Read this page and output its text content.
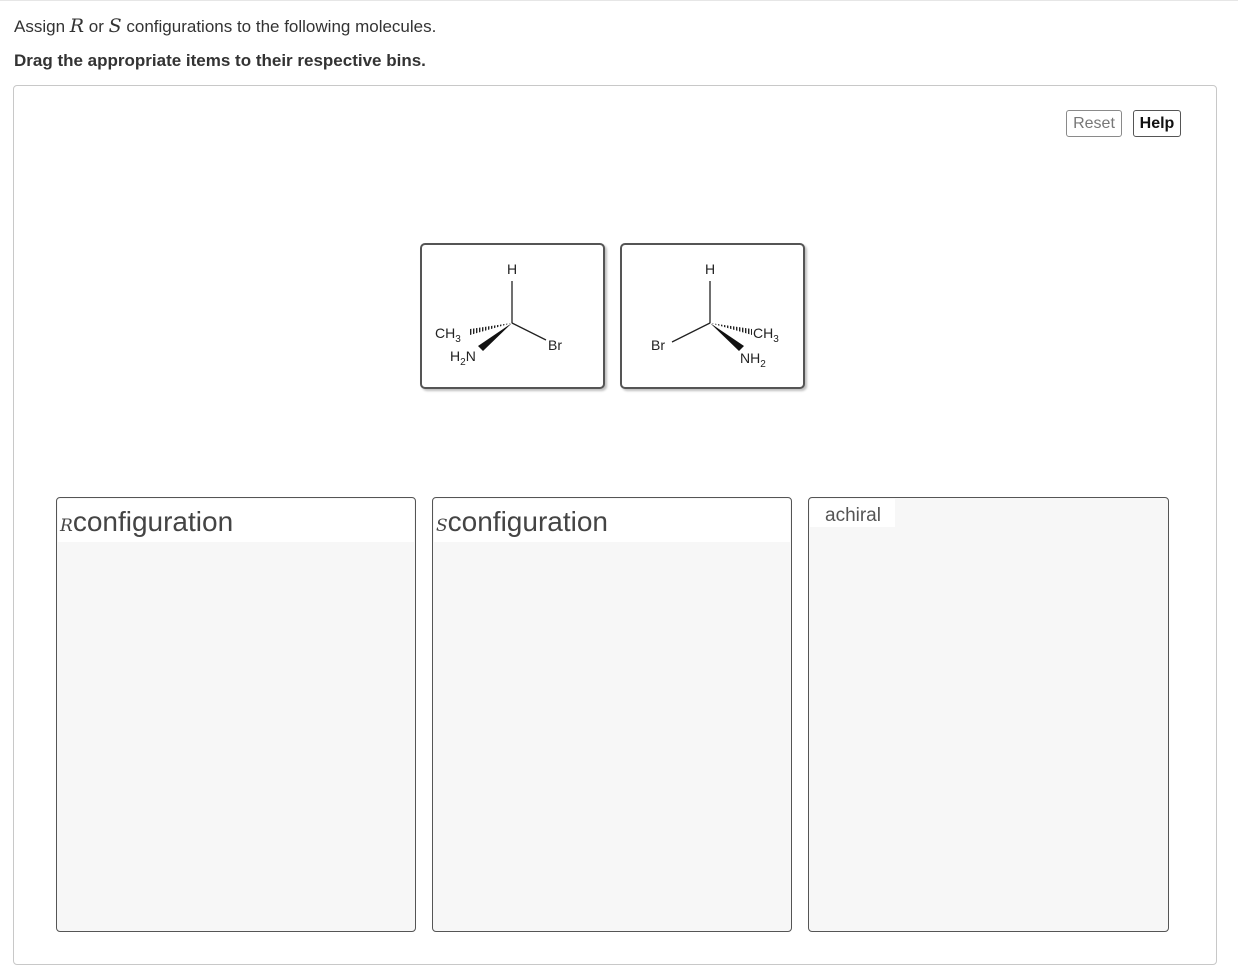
Assign R or S configurations to the following molecules.
Drag the appropriate items to their respective bins.
Reset	Help
H
$CH_3$
$H_2N$
Br
H
Br
$CH_3$
$NH_2$
Rconfiguration	Sconfiguration	achiral
